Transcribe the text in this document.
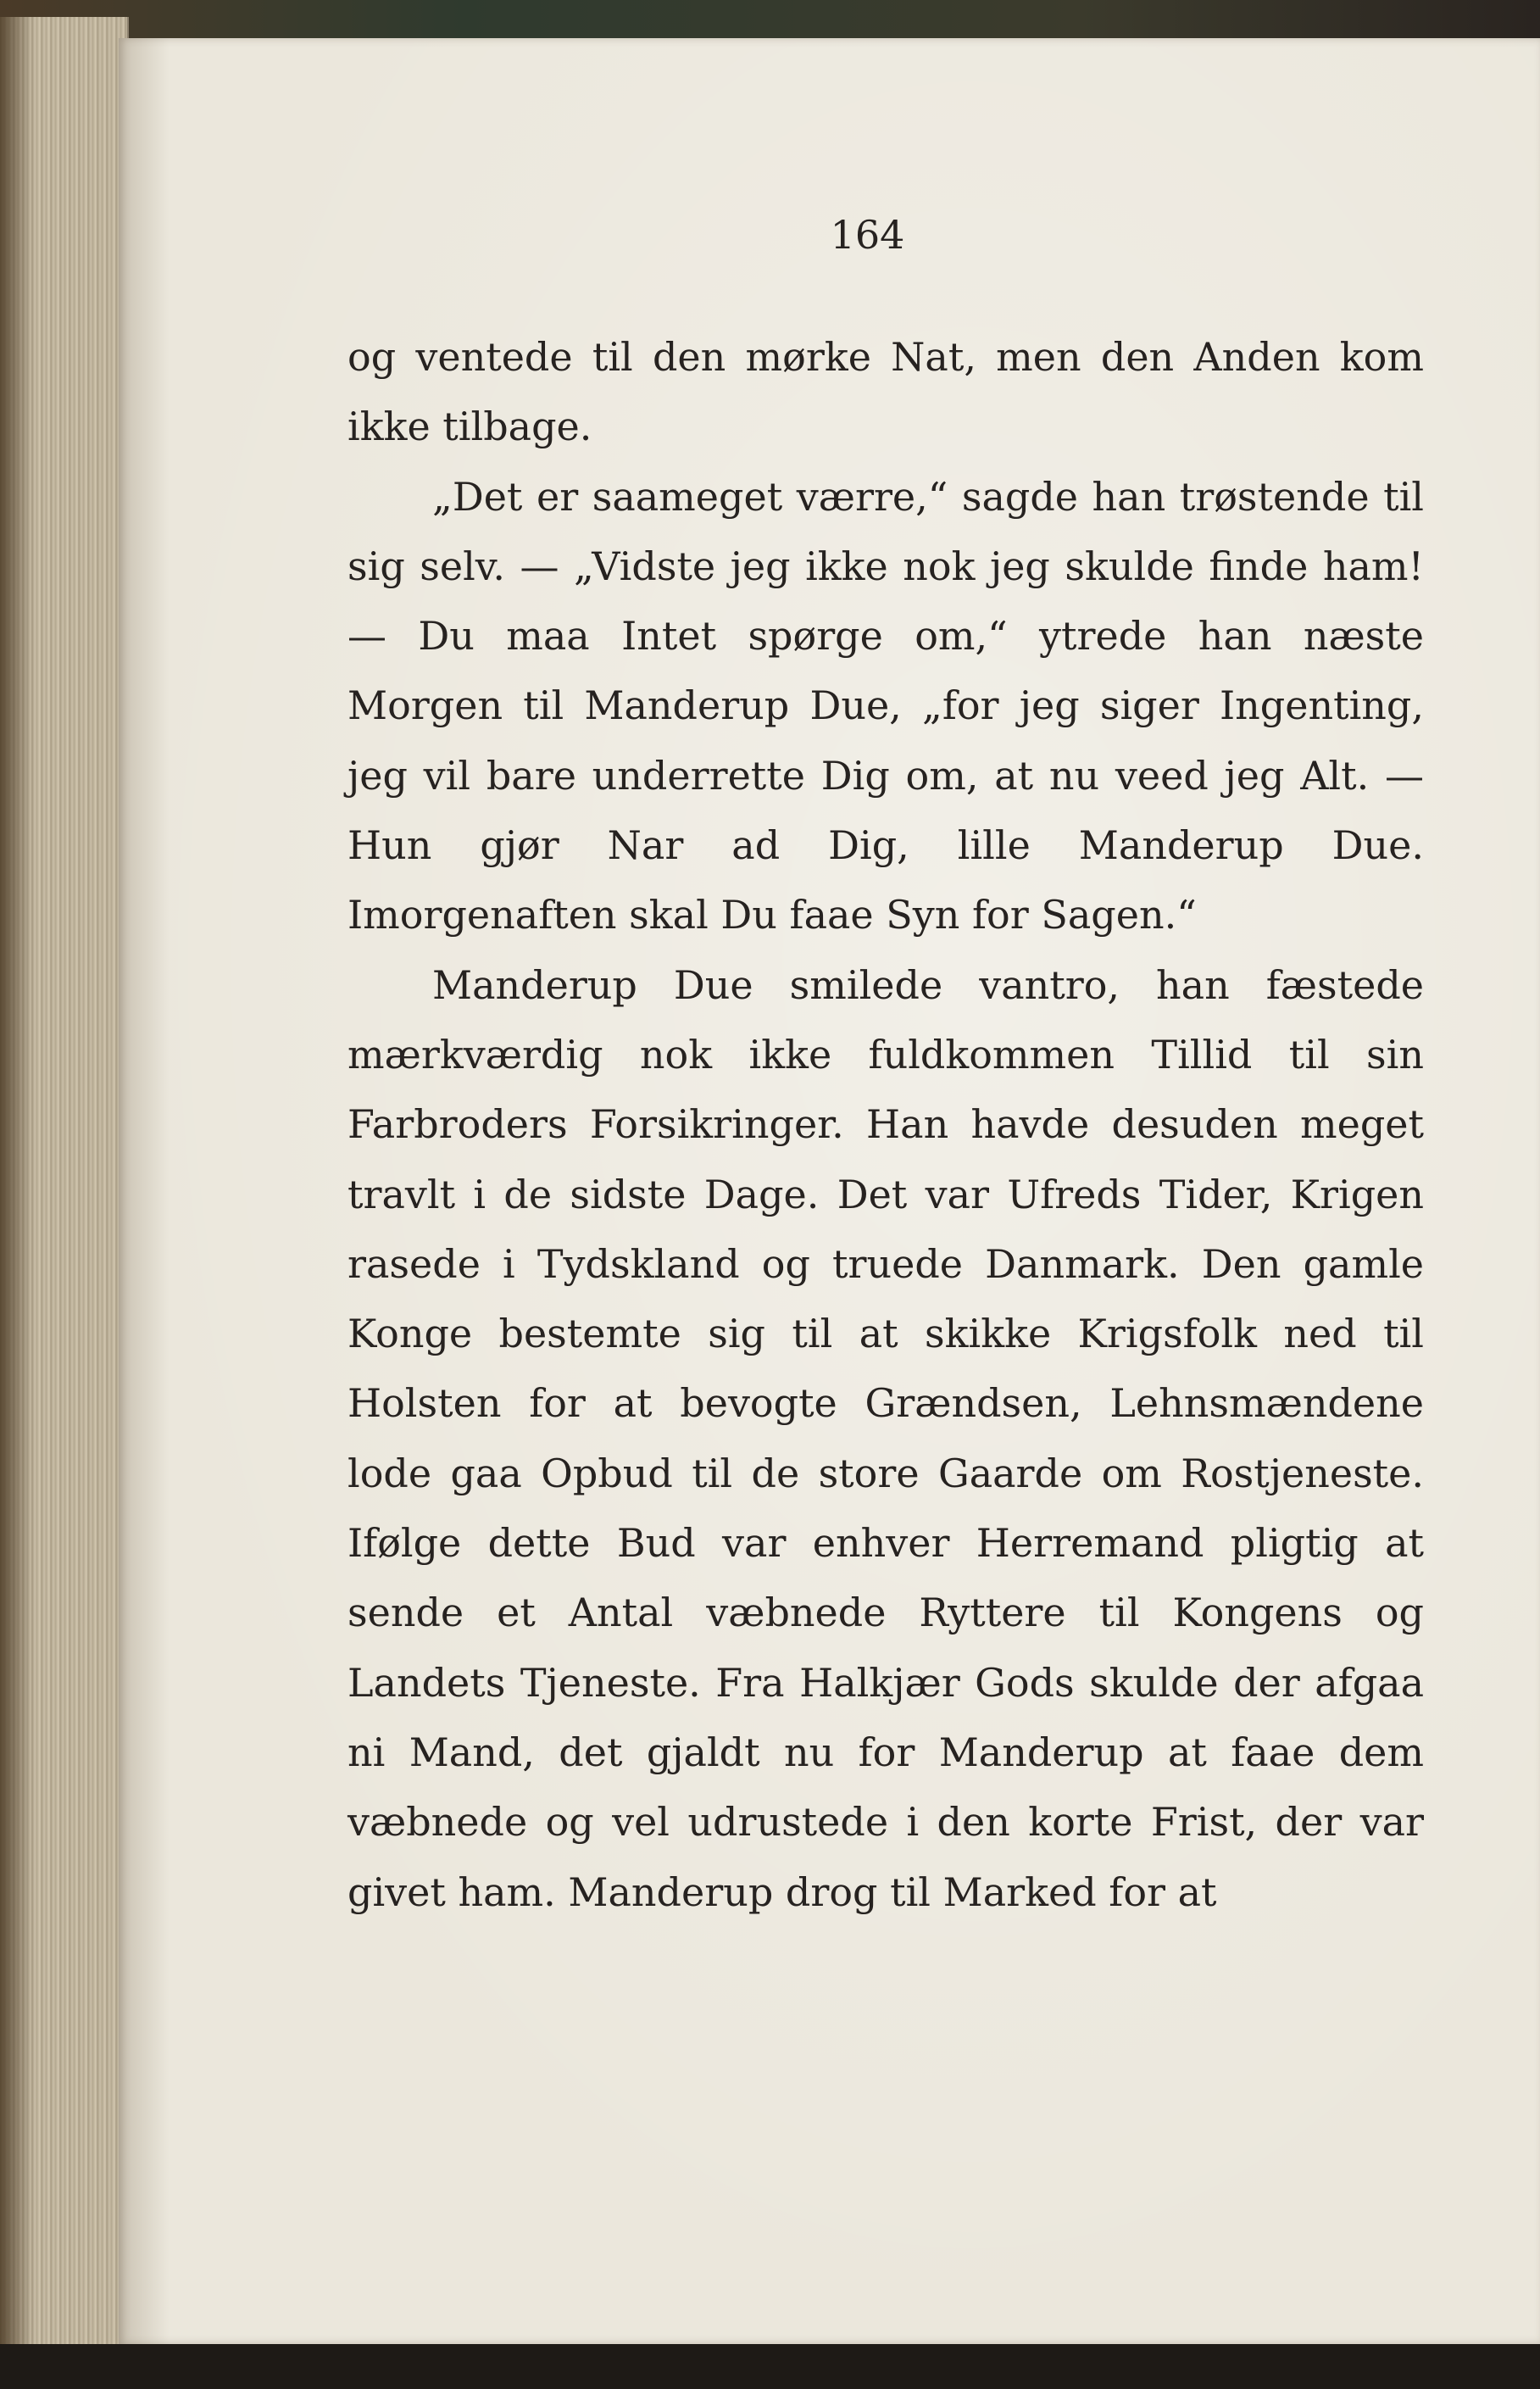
164

og ventede til den mørke Nat, men den Anden kom ikke tilbage.

„Det er saameget værre,“ sagde han trøstende til sig selv. — „Vidste jeg ikke nok jeg skulde finde ham! — Du maa Intet spørge om,“ ytrede han næste Morgen til Manderup Due, „for jeg siger Ingenting, jeg vil bare underrette Dig om, at nu veed jeg Alt. — Hun gjør Nar ad Dig, lille Manderup Due. Imorgenaften skal Du faae Syn for Sagen.“

Manderup Due smilede vantro, han fæstede mærkværdig nok ikke fuldkommen Tillid til sin Farbroders Forsikringer. Han havde desuden meget travlt i de sidste Dage. Det var Ufreds Tider, Krigen rasede i Tydskland og truede Danmark. Den gamle Konge bestemte sig til at skikke Krigsfolk ned til Holsten for at bevogte Grændsen, Lehnsmændene lode gaa Opbud til de store Gaarde om Rostjeneste. Ifølge dette Bud var enhver Herremand pligtig at sende et Antal væbnede Ryttere til Kongens og Landets Tjeneste. Fra Halkjær Gods skulde der afgaa ni Mand, det gjaldt nu for Manderup at faae dem væbnede og vel udrustede i den korte Frist, der var givet ham. Manderup drog til Marked for at
